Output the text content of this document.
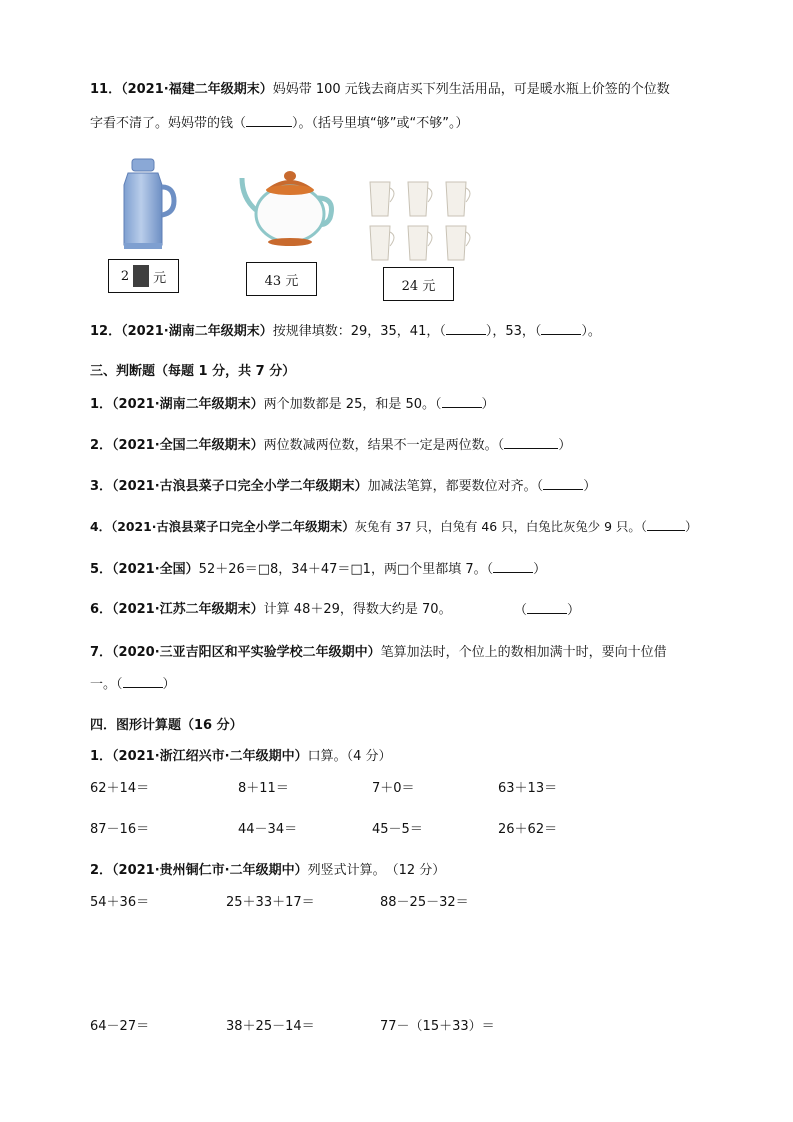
11．（2021·福建二年级期末）妈妈带 100 元钱去商店买下列生活用品，可是暖水瓶上价签的个位数
字看不清了。妈妈带的钱（	）。（括号里填“够”或“不够”。）
2 元	43 元	24 元
12．（2021·湖南二年级期末）按规律填数：29，35，41，（	），53，（	）。
三、判断题（每题 1 分，共 7 分）
1．（2021·湖南二年级期末）两个加数都是 25，和是 50。（	）
2．（2021·全国二年级期末）两位数减两位数，结果不一定是两位数。（	）
3．（2021·古浪县菜子口完全小学二年级期末）加减法笔算，都要数位对齐。（	）
4．（2021·古浪县菜子口完全小学二年级期末）灰兔有 37 只，白兔有 46 只，白兔比灰兔少 9 只。（	）
5．（2021·全国）52＋26＝□8，34＋47＝□1，两□个里都填 7。（	）
6．（2021·江苏二年级期末）计算 48＋29，得数大约是 70。	（	）
7．（2020·三亚吉阳区和平实验学校二年级期中）笔算加法时，个位上的数相加满十时，要向十位借
一。（	）
四．图形计算题（16 分）
1．（2021·浙江绍兴市·二年级期中）口算。（4 分）
62＋14＝	8＋11＝	7＋0＝	63＋13＝
87－16＝	44－34＝	45－5＝	26＋62＝
2．（2021·贵州铜仁市·二年级期中）列竖式计算。　（12 分）
54＋36＝	25＋33＋17＝	88－25－32＝
64－27＝	38＋25－14＝	77－（15＋33）＝
